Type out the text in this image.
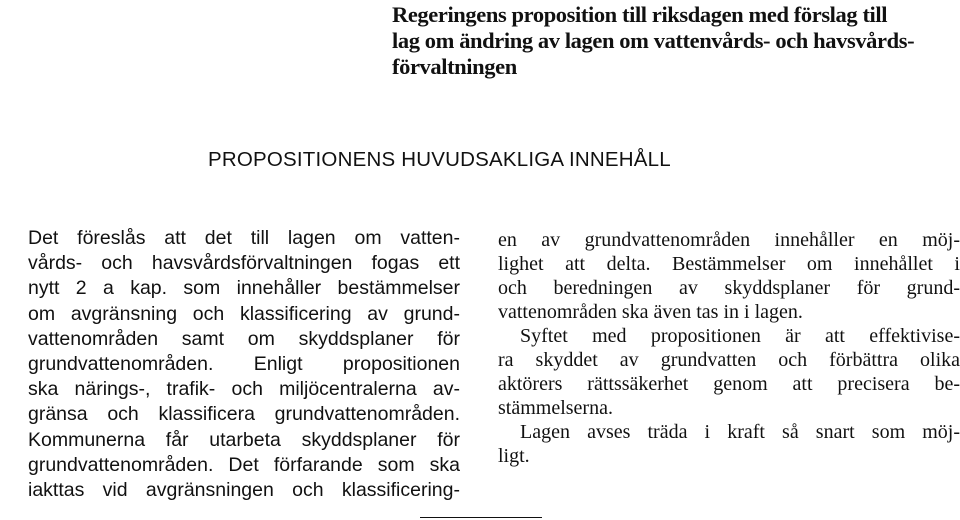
Regeringens proposition till riksdagen med förslag till
lag om ändring av lagen om vattenvårds- och havsvårds-
förvaltningen
PROPOSITIONENS HUVUDSAKLIGA INNEHÅLL
Det föreslås att det till lagen om vatten-
vårds- och havsvårdsförvaltningen fogas ett
nytt 2 a kap. som innehåller bestämmelser
om avgränsning och klassificering av grund-
vattenområden samt om skyddsplaner för
grundvattenområden. Enligt propositionen
ska närings-, trafik- och miljöcentralerna av-
gränsa och klassificera grundvattenområden.
Kommunerna får utarbeta skyddsplaner för
grundvattenområden. Det förfarande som ska
iakttas vid avgränsningen och klassificering-
en av grundvattenområden innehåller en möj-
lighet att delta. Bestämmelser om innehållet i
och beredningen av skyddsplaner för grund-
vattenområden ska även tas in i lagen.
Syftet med propositionen är att effektivise-
ra skyddet av grundvatten och förbättra olika
aktörers rättssäkerhet genom att precisera be-
stämmelserna.
Lagen avses träda i kraft så snart som möj-
ligt.
